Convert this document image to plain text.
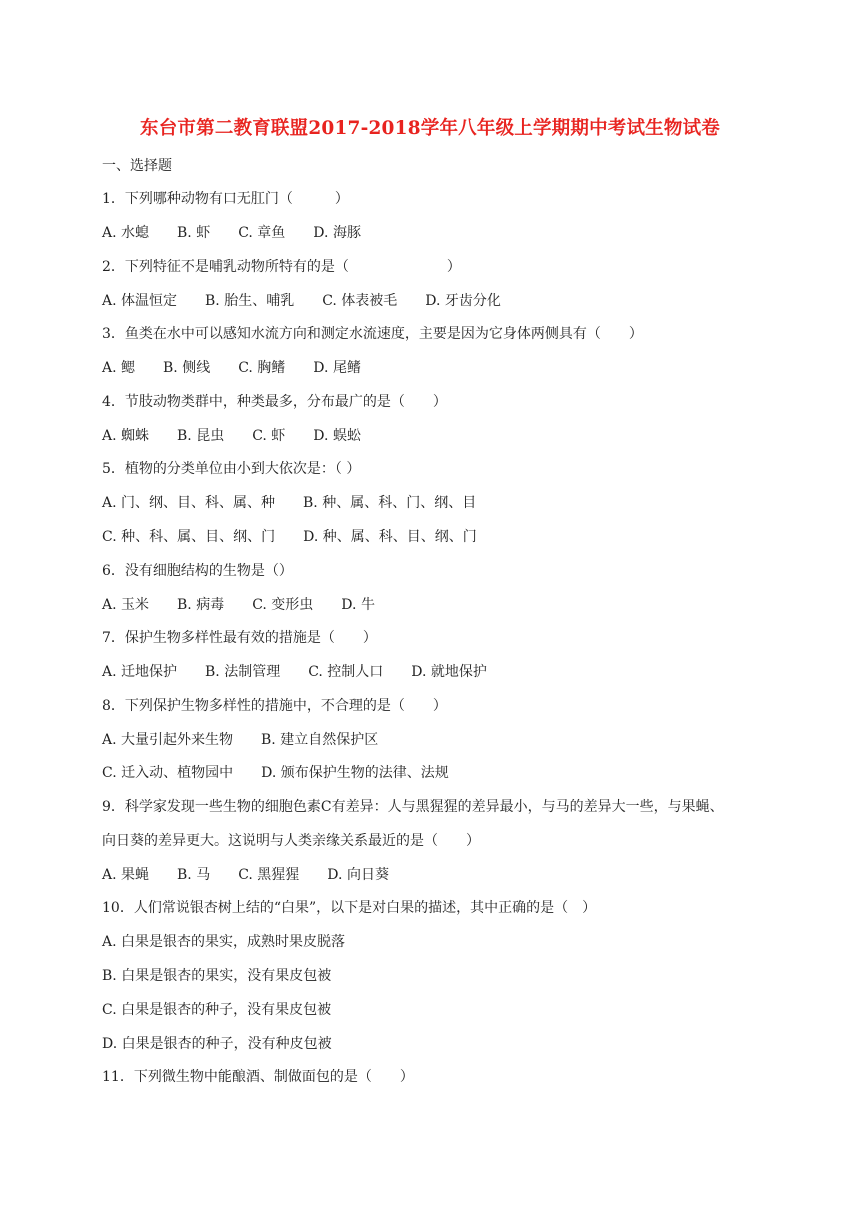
东台市第二教育联盟2017-2018学年八年级上学期期中考试生物试卷
一、选择题
1．下列哪种动物有口无肛门（　　　）
A. 水螅　　B. 虾　　C. 章鱼　　D. 海豚
2．下列特征不是哺乳动物所特有的是（　　　　　　　）
A. 体温恒定　　B. 胎生、哺乳　　C. 体表被毛　　D. 牙齿分化
3．鱼类在水中可以感知水流方向和测定水流速度，主要是因为它身体两侧具有（　　）
A. 鳃　　B. 侧线　　C. 胸鳍　　D. 尾鳍
4．节肢动物类群中，种类最多，分布最广的是（　　）
A. 蜘蛛　　B. 昆虫　　C. 虾　　D. 蜈蚣
5．植物的分类单位由小到大依次是：（ ）
A. 门、纲、目、科、属、种　　B. 种、属、科、门、纲、目
C. 种、科、属、目、纲、门　　D. 种、属、科、目、纲、门
6．没有细胞结构的生物是（）
A. 玉米　　B. 病毒　　C. 变形虫　　D. 牛
7．保护生物多样性最有效的措施是（　　）
A. 迁地保护　　B. 法制管理　　C. 控制人口　　D. 就地保护
8．下列保护生物多样性的措施中，不合理的是（　　）
A. 大量引起外来生物　　B. 建立自然保护区
C. 迁入动、植物园中　　D. 颁布保护生物的法律、法规
9．科学家发现一些生物的细胞色素C有差异：人与黑猩猩的差异最小，与马的差异大一些，与果蝇、
向日葵的差异更大。这说明与人类亲缘关系最近的是（　　）
A. 果蝇　　B. 马　　C. 黑猩猩　　D. 向日葵
10．人们常说银杏树上结的“白果”，以下是对白果的描述，其中正确的是（　）
A. 白果是银杏的果实，成熟时果皮脱落
B. 白果是银杏的果实，没有果皮包被
C. 白果是银杏的种子，没有果皮包被
D. 白果是银杏的种子，没有种皮包被
11．下列微生物中能酿酒、制做面包的是（　　）
